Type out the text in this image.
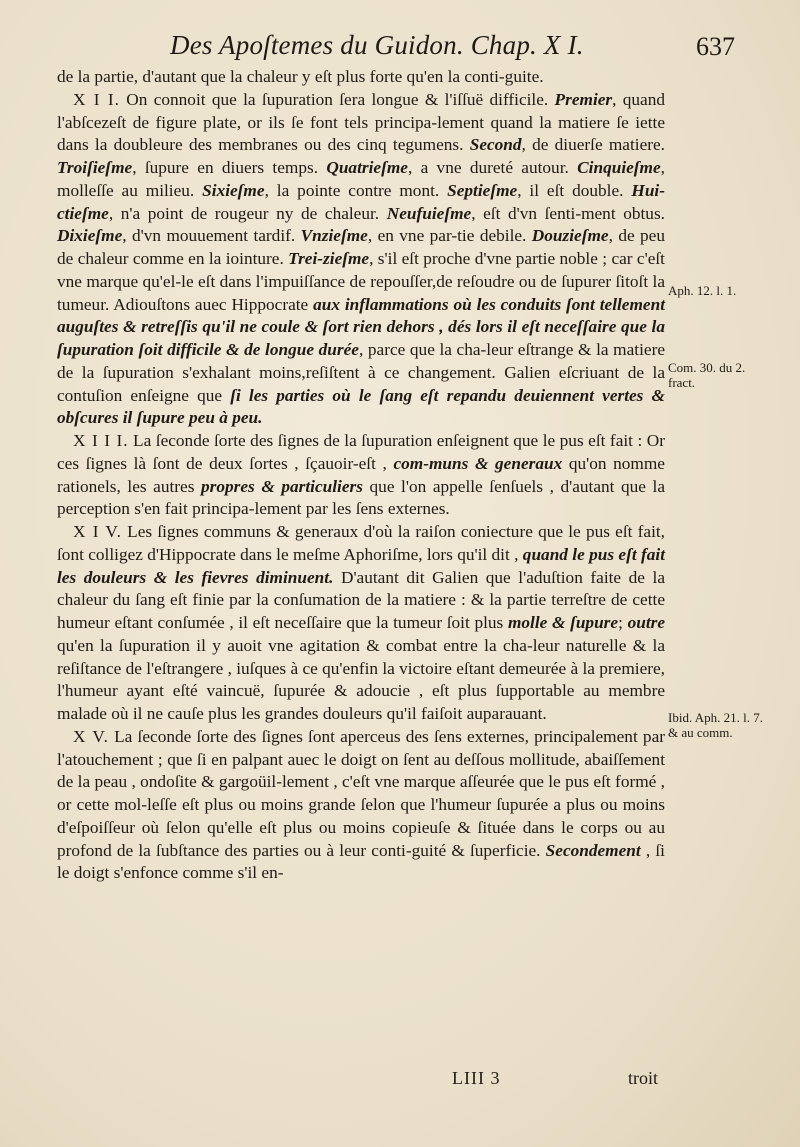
Des Apoſtemes du Guidon. Chap. X I.	637

de la partie, d'autant que la chaleur y eſt plus forte qu'en la conti-guite.

X I I. On connoit que la ſupuration ſera longue & l'iſſuë difficile. Premier, quand l'abſcezeſt de figure plate, or ils ſe font tels principa-lement quand la matiere ſe iette dans la doubleure des membranes ou des cinq tegumens. Second, de diuerſe matiere. Troiſieſme, ſupure en diuers temps. Quatrieſme, a vne dureté autour. Cinquieſme, molleſſe au milieu. Sixieſme, la pointe contre mont. Septieſme, il eſt double. Hui-ctieſme, n'a point de rougeur ny de chaleur. Neufuieſme, eſt d'vn ſenti-ment obtus. Dixieſme, d'vn mouuement tardif. Vnzieſme, en vne par-tie debile. Douzieſme, de peu de chaleur comme en la iointure. Trei-zieſme, s'il eſt proche d'vne partie noble ; car c'eſt vne marque qu'el-le eſt dans l'impuiſſance de repouſſer,de reſoudre ou de ſupurer ſitoſt la tumeur. Adiouſtons auec Hippocrate aux inflammations où les conduits ſont tellement auguſtes & retreſſis qu'il ne coule & ſort rien dehors , dés lors il eſt neceſſaire que la ſupuration ſoit difficile & de longue durée, parce que la cha-leur eſtrange & la matiere de la ſupuration s'exhalant moins,reſiſtent à ce changement. Galien eſcriuant de la contuſion enſeigne que ſi les parties où le ſang eſt repandu deuiennent vertes & obſcures il ſupure peu à peu.

X I I I. La ſeconde ſorte des ſignes de la ſupuration enſeignent que le pus eſt fait : Or ces ſignes là ſont de deux ſortes , ſçauoir-eſt , com-muns & generaux qu'on nomme rationels, les autres propres & particuliers que l'on appelle ſenſuels , d'autant que la perception s'en fait principa-lement par les ſens externes.

X I V. Les ſignes communs & generaux d'où la raiſon coniecture que le pus eſt fait, ſont colligez d'Hippocrate dans le meſme Aphoriſme, lors qu'il dit , quand le pus eſt fait les douleurs & les fievres diminuent. D'autant dit Galien que l'aduſtion faite de la chaleur du ſang eſt finie par la conſumation de la matiere : & la partie terreſtre de cette humeur eſtant conſumée , il eſt neceſſaire que la tumeur ſoit plus molle & ſupure; outre qu'en la ſupuration il y auoit vne agitation & combat entre la cha-leur naturelle & la reſiſtance de l'eſtrangere , iuſques à ce qu'enfin la victoire eſtant demeurée à la premiere, l'humeur ayant eſté vaincuë, ſupurée & adoucie , eſt plus ſupportable au membre malade où il ne cauſe plus les grandes douleurs qu'il faiſoit auparauant.

X V. La ſeconde ſorte des ſignes ſont aperceus des ſens externes, principalement par l'atouchement ; que ſi en palpant auec le doigt on ſent au deſſous mollitude, abaiſſement de la peau , ondoſite & gargoüil-lement , c'eſt vne marque aſſeurée que le pus eſt formé , or cette mol-leſſe eſt plus ou moins grande ſelon que l'humeur ſupurée a plus ou moins d'eſpoiſſeur où ſelon qu'elle eſt plus ou moins copieuſe & ſituée dans le corps ou au profond de la ſubſtance des parties ou à leur conti-guité & ſuperficie. Secondement , ſi le doigt s'enfonce comme s'il en-

Aph. 12. l. 1.
Com. 30. du 2. fract.
Ibid. Aph. 21. l. 7. & au comm.
LIII 3	troit
